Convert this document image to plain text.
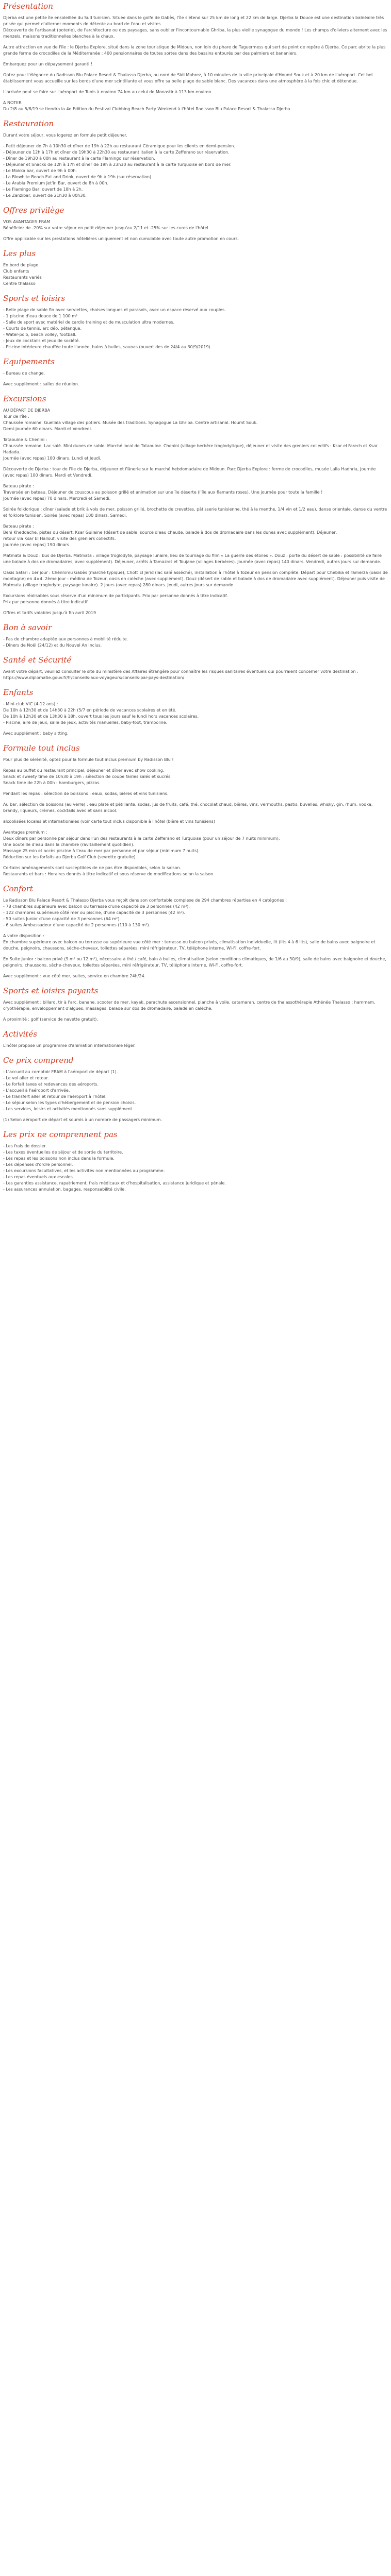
Présentation

Djerba est une petite île ensoleillée du Sud tunisien. Située dans le golfe de Gabès, l'île s'étend sur 25 km de long et 22 km de large. Djerba la Douce est une destination balnéaire très prisée qui permet d'alterner moments de détente au bord de l'eau et visites.
Découverte de l'artisanat (poterie), de l'architecture ou des paysages, sans oublier l'incontournable Ghriba, la plus vieille synagogue du monde ! Les champs d'oliviers alternent avec les menzels, maisons traditionnelles blanches à la chaux.

Autre attraction en vue de l'île : le Djerba Explore, situé dans la zone touristique de Midoun, non loin du phare de Taguermess qui sert de point de repère à Djerba. Ce parc abrite la plus grande ferme de crocodiles de la Méditerranée : 400 pensionnaires de toutes sortes dans des bassins entourés par des palmiers et bananiers.

Embarquez pour un dépaysement garanti !

Optez pour l'élégance du Radisson Blu Palace Resort & Thalasso Djerba, au nord de Sidi Mahrez, à 10 minutes de la ville principale d'Houmt Souk et à 20 km de l'aéroport. Cet bel établissement vous accueille sur les bords d'une mer scintillante et vous offre sa belle plage de sable blanc. Des vacances dans une atmosphère à la fois chic et détendue.

L'arrivée peut se faire sur l'aéroport de Tunis à environ 74 km au celui de Monastir à 113 km environ.

A NOTER
Du 2/8 au 5/8/19 se tiendra la 4e Edition du Festival Clubbing Beach Party Weekend à l'hôtel Radisson Blu Palace Resort & Thalasso Djerba.

Restauration

Durant votre séjour, vous logerez en formule petit déjeuner.

- Petit déjeuner de 7h à 10h30 et dîner de 19h à 22h au restaurant Céramique pour les clients en demi-pension.
- Déjeuner de 12h à 17h et dîner de 19h30 à 22h30 au restaurant italien à la carte Zefferano sur réservation.
- Dîner de 19h30 à 00h au restaurant à la carte Flamingo sur réservation.
- Déjeuner et Snacks de 12h à 17h et dîner de 19h à 23h30 au restaurant à la carte Turquoise en bord de mer.
- Le Mokka bar, ouvert de 9h à 00h.
- La Blowhite Beach Eat and Drink, ouvert de 9h à 19h (sur réservation).
- Le Arabia Premium Jet'in Bar, ouvert de 8h à 00h.
- Le Flamingo Bar, ouvert de 18h à 2h.
- Le Zanzibar, ouvert de 21h30 à 00h30.

Offres privilège

VOS AVANTAGES FRAM
Bénéficiez de -20% sur votre séjour en petit déjeuner jusqu'au 2/11 et -25% sur les cures de l'hôtel.

Offre applicable sur les prestations hôtelières uniquement et non cumulable avec toute autre promotion en cours.

Les plus

En bord de plage
Club enfants
Restaurants variés
Centre thalasso

Sports et loisirs

- Belle plage de sable fin avec serviettes, chaises longues et parasols, avec un espace réservé aux couples.
- 1 piscine d'eau douce de 1 100 m²
- Salle de sport avec matériel de cardio training et de musculation ultra modernes.
- Courts de tennis, arc déo, pétanque.
- Water-polo, beach volley, football.
- Jeux de cocktails et jeux de société.
- Piscine intérieure chauffée toute l'année, bains à bulles, saunas (ouvert des de 24/4 au 30/9/2019).

Equipements

- Bureau de change.

Avec supplément : salles de réunion.

Excursions

AU DÉPART DE DJERBA
Tour de l'île :
Chaussée romaine. Guellala village des potiers. Musée des traditions. Synagogue La Ghriba. Centre artisanal. Houmt Souk.
Demi-journée 60 dinars. Mardi et Vendredi.

Tataouine & Chenini :
Chaussée romaine. Lac salé. Mini dunes de sable. Marché local de Tataouine. Chenini (village berbère troglodytique), déjeuner et visite des greniers collectifs : Ksar el Farech et Ksar Hadada.
Journée (avec repas) 100 dinars. Lundi et Jeudi.

Découverte de Djerba : tour de l'île de Djerba, déjeuner et flânerie sur le marché hebdomadaire de Midoun. Parc Djerba Explore : ferme de crocodiles, musée Lalla Hadhria, Journée (avec repas) 100 dinars. Mardi et Vendredi.

Bateau pirate :
Traversée en bateau. Déjeuner de couscous au poisson grillé et animation sur une île déserte (l'île aux flamants roses). Une journée pour toute la famille !
Journée (avec repas) 70 dinars. Mercredi et Samedi.

Soirée folklorique : dîner (salade et brik à vols de mer, poisson grillé, brochette de crevettes, pâtisserie tunisienne, thé à la menthe, 1/4 vin et 1/2 eau), danse orientale, danse du ventre et folklore tunisien. Soirée (avec repas) 100 dinars. Samedi.

Bateau pirate :
Beni Kheddache, pistes du désert, Ksar Guilaine (désert de sable, source d'eau chaude, balade à dos de dromadaire dans les dunes avec supplément). Déjeuner,
retour via Ksar El Hallouf, visite des greniers collectifs.
Journée (avec repas) 190 dinars

Matmata & Douz : bus de Djerba. Matmata : village troglodyte, paysage lunaire, lieu de tournage du film « La guerre des étoiles ». Douz : porte du désert de sable : possibilité de faire une balade à dos de dromadaires, avec supplément). Déjeuner, arrêts à Tamazret et Toujane (villages berbères). Journée (avec repas) 140 dinars. Vendredi, autres jours sur demande.

Oasis Safari : 1er jour : Chènnimu Gabès (marché typique), Chott El Jerid (lac salé asséché), installation à l'hôtel à Tozeur en pension complète. Départ pour Chebika et Tamerza (oasis de montagne) en 4×4. 2ème jour : médina de Tozeur, oasis en calèche (avec supplément). Douz (désert de sable et balade à dos de dromadaire avec supplément). Déjeuner puis visite de Matmata (village troglodyte, paysage lunaire). 2 jours (avec repas) 280 dinars. Jeudi, autres jours sur demande.

Excursions réalisables sous réserve d'un minimum de participants. Prix par personne donnés à titre indicatif.
Prix par personne donnés à titre indicatif.

Offres et tarifs valables jusqu'à fin avril 2019

Bon à savoir

- Pas de chambre adaptée aux personnes à mobilité réduite.
- Dîners de Noël (24/12) et du Nouvel An inclus.

Santé et Sécurité

Avant votre départ, veuillez consulter le site du ministère des Affaires étrangère pour connaître les risques sanitaires éventuels qui pourraient concerner votre destination : https://www.diplomatie.gouv.fr/fr/conseils-aux-voyageurs/conseils-par-pays-destination/

Enfants

- Mini-club VIC (4-12 ans) :
De 10h à 12h30 et de 14h30 à 22h (5/7 en période de vacances scolaires et en été.
De 10h à 12h30 et de 13h30 à 18h, ouvert tous les jours sauf le lundi hors vacances scolaires.
- Piscine, aire de jeux, salle de jeux, activités manuelles, baby-foot, trampoline.

Avec supplément : baby sitting.

Formule tout inclus

Pour plus de sérénité, optez pour la formule tout inclus premium by Radisson Blu !

Repas au buffet du restaurant principal, déjeuner et dîner avec show cooking.
Snack et sweety time de 10h30 à 19h : sélection de coupe fairies salés et sucrés.
Snack time de 22h à 00h : hamburgers, pizzas.

Pendant les repas : sélection de boissons : eaux, sodas, bières et vins tunisiens.

Au bar, sélection de boissons (au verre) : eau plate et pétillante, sodas, jus de fruits, café, thé, chocolat chaud, bières, vins, vermouths, pastis, buvelles, whisky, gin, rhum, vodka, brandy, liqueurs, crèmes, cocktails avec et sans alcool.

alcoolisées locales et internationales (voir carte tout inclus disponible à l'hôtel (bière et vins tunisiens)

Avantages premium :
Deux dîners par personne par séjour dans l'un des restaurants à la carte Zefferano et Turquoise (pour un séjour de 7 nuits minimum).
Une bouteille d'eau dans la chambre (ravitaillement quotidien).
Massage 25 min et accès piscine à l'eau de mer par personne et par séjour (minimum 7 nuits).
Réduction sur les forfaits au Djerba Golf Club (sevrette gratuite).

Certains aménagements sont susceptibles de ne pas être disponibles, selon la saison.
Restaurants et bars : Horaires donnés à titre indicatif et sous réserve de modifications selon la saison.

Confort

Le Radisson Blu Palace Resort & Thalasso Djerba vous reçoit dans son confortable complexe de 294 chambres réparties en 4 catégories :
- 78 chambres supérieure avec balcon ou terrasse d'une capacité de 3 personnes (42 m²).
- 122 chambres supérieure côté mer ou piscine, d'une capacité de 3 personnes (42 m²).
- 50 suites Junior d'une capacité de 3 personnes (64 m²).
- 6 suites Ambassadeur d'une capacité de 2 personnes (110 à 130 m²).

A votre disposition :
En chambre supérieure avec balcon ou terrasse ou supérieure vue côté mer : terrasse ou balcon privés, climatisation individuelle, lit (lits 4 à 6 lits), salle de bains avec baignoire et douche, peignoirs, chaussons, sèche-cheveux, toilettes séparées, mini réfrigérateur, TV, téléphone interne, Wi-Fi, coffre-fort.

En Suite Junior : balcon privé (9 m² ou 12 m²), nécessaire à thé / café, bain à bulles, climatisation (selon conditions climatiques, de 1/6 au 30/9), salle de bains avec baignoire et douche, peignoirs, chaussons, sèche-cheveux, toilettes séparées, mini réfrigérateur, TV, téléphone interne, Wi-Fi, coffre-fort.

Avec supplément : vue côté mer, suites, service en chambre 24h/24.

Sports et loisirs payants

Avec supplément : billard, tir à l'arc, banane, scooter de mer, kayak, parachute ascensionnel, planche à voile, catamaran, centre de thalassothérapie Athénée Thalasso : hammam, cryothérapie, enveloppement d'algues, massages, balade sur dos de dromadaire, balade en calèche.

A proximité : golf (service de navette gratuit).

Activités

L'hôtel propose un programme d'animation internationale léger.

Ce prix comprend

- L'accueil au comptoir FRAM à l'aéroport de départ (1).
- Le vol aller et retour.
- Le forfait taxes et redevances des aéroports.
- L'accueil à l'aéroport d'arrivée.
- Le transfert aller et retour de l'aéroport à l'hôtel.
- Le séjour selon les types d'hébergement et de pension choisis.
- Les services, loisirs et activités mentionnés sans supplément.

(1) Selon aéroport de départ et soumis à un nombre de passagers minimum.

Les prix ne comprennent pas

- Les frais de dossier.
- Les taxes éventuelles de séjour et de sortie du territoire.
- Les repas et les boissons non inclus dans la formule.
- Les dépenses d'ordre personnel.
- Les excursions facultatives, et les activités non mentionnées au programme.
- Les repas éventuels aux escales.
- Les garanties assistance, rapatriement, frais médicaux et d'hospitalisation, assistance juridique et pénale.
- Les assurances annulation, bagages, responsabilité civile.
